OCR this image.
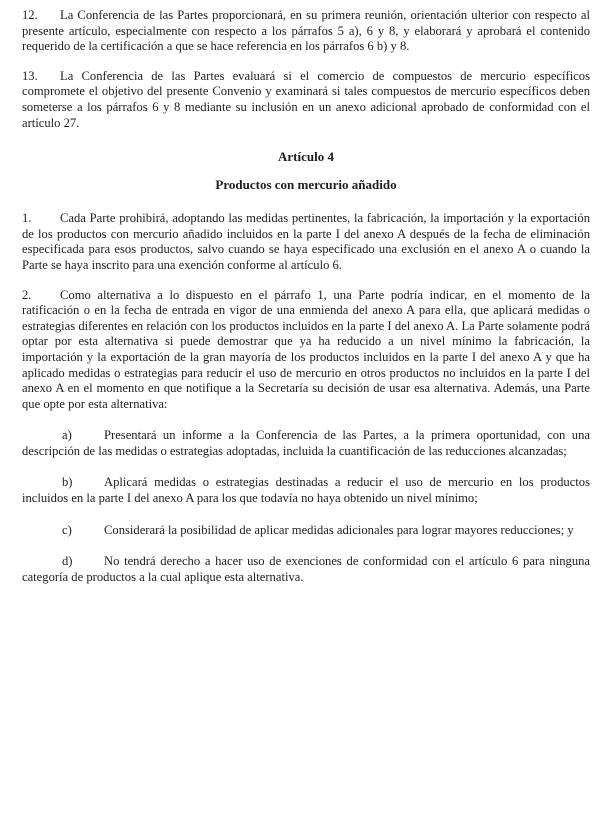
12. La Conferencia de las Partes proporcionará, en su primera reunión, orientación ulterior con respecto al presente artículo, especialmente con respecto a los párrafos 5 a), 6 y 8, y elaborará y aprobará el contenido requerido de la certificación a que se hace referencia en los párrafos 6 b) y 8.

13. La Conferencia de las Partes evaluará si el comercio de compuestos de mercurio específicos compromete el objetivo del presente Convenio y examinará si tales compuestos de mercurio específicos deben someterse a los párrafos 6 y 8 mediante su inclusión en un anexo adicional aprobado de conformidad con el artículo 27.

Artículo 4

Productos con mercurio añadido

1. Cada Parte prohibirá, adoptando las medidas pertinentes, la fabricación, la importación y la exportación de los productos con mercurio añadido incluidos en la parte I del anexo A después de la fecha de eliminación especificada para esos productos, salvo cuando se haya especificado una exclusión en el anexo A o cuando la Parte se haya inscrito para una exención conforme al artículo 6.

2. Como alternativa a lo dispuesto en el párrafo 1, una Parte podría indicar, en el momento de la ratificación o en la fecha de entrada en vigor de una enmienda del anexo A para ella, que aplicará medidas o estrategias diferentes en relación con los productos incluidos en la parte I del anexo A. La Parte solamente podrá optar por esta alternativa si puede demostrar que ya ha reducido a un nivel mínimo la fabricación, la importación y la exportación de la gran mayoría de los productos incluidos en la parte I del anexo A y que ha aplicado medidas o estrategias para reducir el uso de mercurio en otros productos no incluidos en la parte I del anexo A en el momento en que notifique a la Secretaría su decisión de usar esa alternativa. Además, una Parte que opte por esta alternativa:

a)	Presentará un informe a la Conferencia de las Partes, a la primera oportunidad, con una descripción de las medidas o estrategias adoptadas, incluida la cuantificación de las reducciones alcanzadas;

b)	Aplicará medidas o estrategias destinadas a reducir el uso de mercurio en los productos incluidos en la parte I del anexo A para los que todavía no haya obtenido un nivel mínimo;

c)	Considerará la posibilidad de aplicar medidas adicionales para lograr mayores reducciones; y

d)	No tendrá derecho a hacer uso de exenciones de conformidad con el artículo 6 para ninguna categoría de productos a la cual aplique esta alternativa.
